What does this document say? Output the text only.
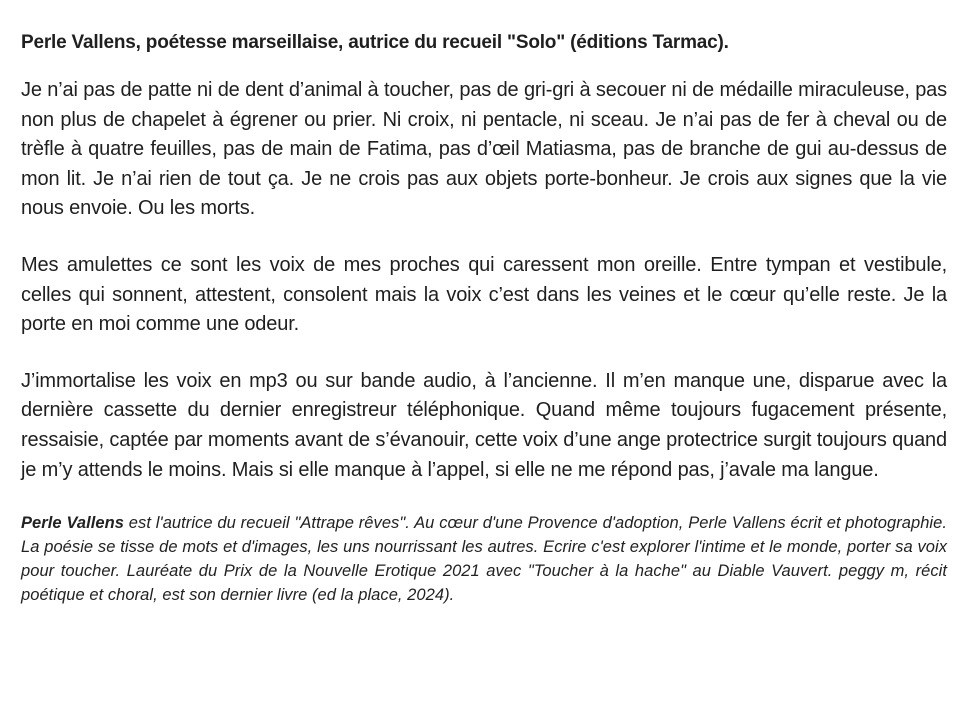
Perle Vallens, poétesse marseillaise, autrice du recueil "Solo" (éditions Tarmac).

Je n’ai pas de patte ni de dent d’animal à toucher, pas de gri-gri à secouer ni de médaille miraculeuse, pas non plus de chapelet à égrener ou prier. Ni croix, ni pentacle, ni sceau. Je n’ai pas de fer à cheval ou de trèfle à quatre feuilles, pas de main de Fatima, pas d’œil Matiasma, pas de branche de gui au-dessus de mon lit. Je n’ai rien de tout ça. Je ne crois pas aux objets porte-bonheur. Je crois aux signes que la vie nous envoie. Ou les morts.

Mes amulettes ce sont les voix de mes proches qui caressent mon oreille. Entre tympan et vestibule, celles qui sonnent, attestent, consolent mais la voix c’est dans les veines et le cœur qu’elle reste. Je la porte en moi comme une odeur.

J’immortalise les voix en mp3 ou sur bande audio, à l’ancienne. Il m’en manque une, disparue avec la dernière cassette du dernier enregistreur téléphonique. Quand même toujours fugacement présente, ressaisie, captée par moments avant de s’évanouir, cette voix d’une ange protectrice surgit toujours quand je m’y attends le moins. Mais si elle manque à l’appel, si elle ne me répond pas, j’avale ma langue.

Perle Vallens est l'autrice du recueil "Attrape rêves". Au cœur d'une Provence d'adoption, Perle Vallens écrit et photographie. La poésie se tisse de mots et d'images, les uns nourrissant les autres. Ecrire c'est explorer l'intime et le monde, porter sa voix pour toucher. Lauréate du Prix de la Nouvelle Erotique 2021 avec "Toucher à la hache" au Diable Vauvert. peggy m, récit poétique et choral, est son dernier livre (ed la place, 2024).
